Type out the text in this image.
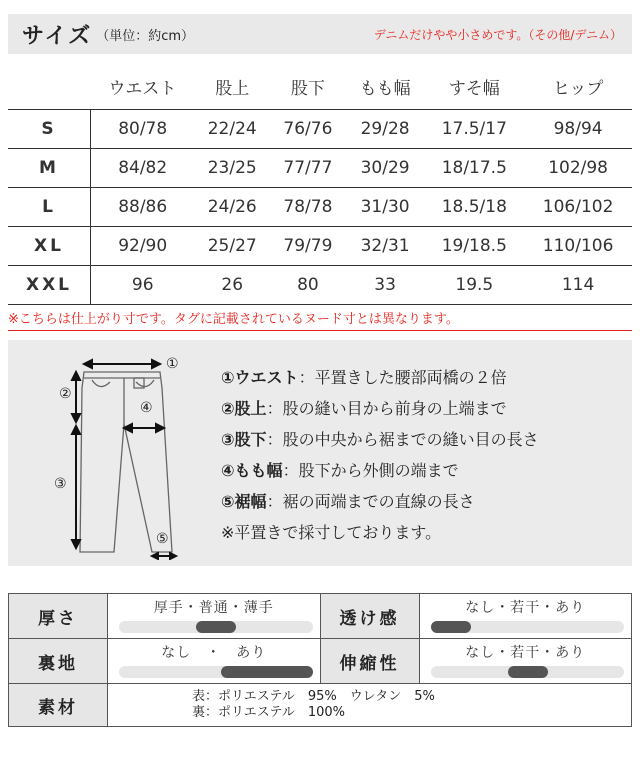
サイズ （単位：約cm）	デニムだけやや小さめです。（その他/デニム）
	ウエスト	股上	股下	もも幅	すそ幅	ヒップ
S	80/78	22/24	76/76	29/28	17.5/17	98/94
M	84/82	23/25	77/77	30/29	18/17.5	102/98
L	88/86	24/26	78/78	31/30	18.5/18	106/102
XL	92/90	25/27	79/79	32/31	19/18.5	110/106
XXL	96	26	80	33	19.5	114
※こちらは仕上がり寸です。タグに記載されているヌード寸とは異なります。
①
②
④
③
⑤
①ウエスト：平置きした腰部両橋の２倍
②股上：股の縫い目から前身の上端まで
③股下：股の中央から裾までの縫い目の長さ
④もも幅：股下から外側の端まで
⑤裾幅：裾の両端までの直線の長さ
※平置きで採寸しております。
厚さ	厚手・普通・薄手	透け感	なし・若干・あり

裏地	なし　・　あり	伸縮性	なし・若干・あり

素材	表：ポリエステル　95%　ウレタン　5%
裏：ポリエステル　100%		
